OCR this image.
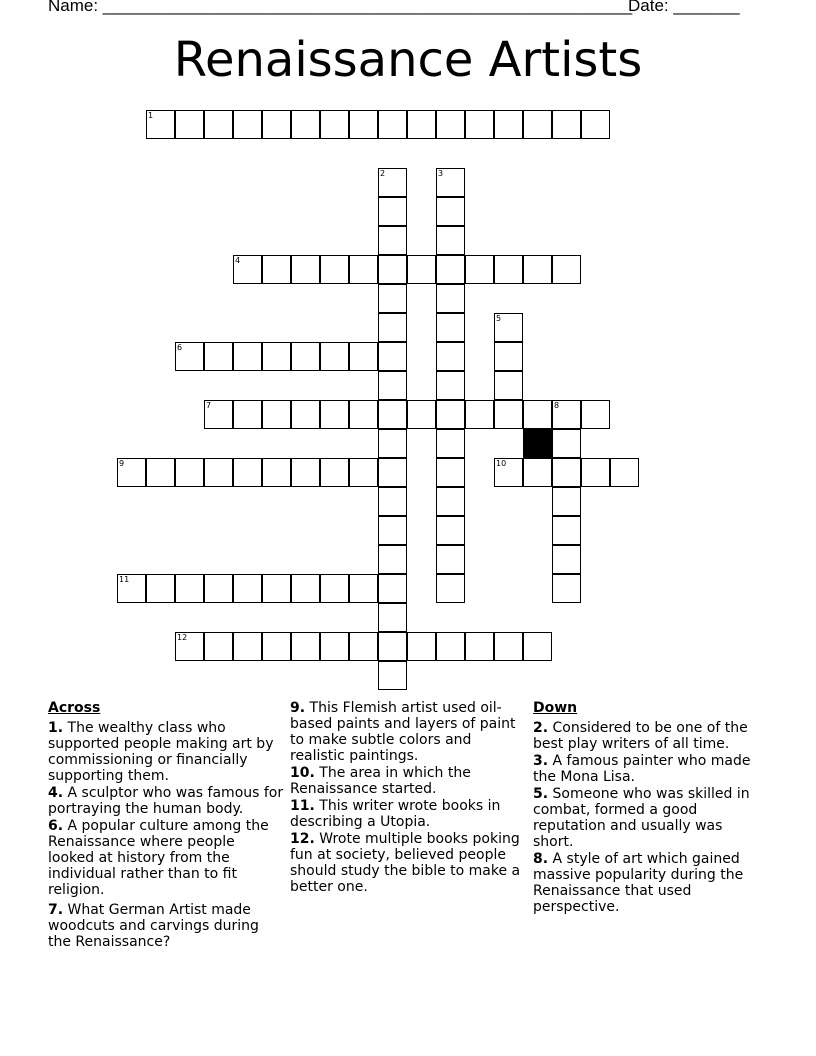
Name: ________________________________________________________
Date: _______
Renaissance Artists
1
2	3
4
5
6
7	8
9	10
11
12
Across
1. The wealthy class who supported people making art by commissioning or financially supporting them.
4. A sculptor who was famous for portraying the human body.
6. A popular culture among the Renaissance where people looked at history from the individual rather than to fit religion.
7. What German Artist made woodcuts and carvings during the Renaissance?
9. This Flemish artist used oil-based paints and layers of paint to make subtle colors and realistic paintings.
10. The area in which the Renaissance started.
11. This writer wrote books in describing a Utopia.
12. Wrote multiple books poking fun at society, believed people should study the bible to make a better one.
Down
2. Considered to be one of the best play writers of all time.
3. A famous painter who made the Mona Lisa.
5. Someone who was skilled in combat, formed a good reputation and usually was short.
8. A style of art which gained massive popularity during the Renaissance that used perspective.
